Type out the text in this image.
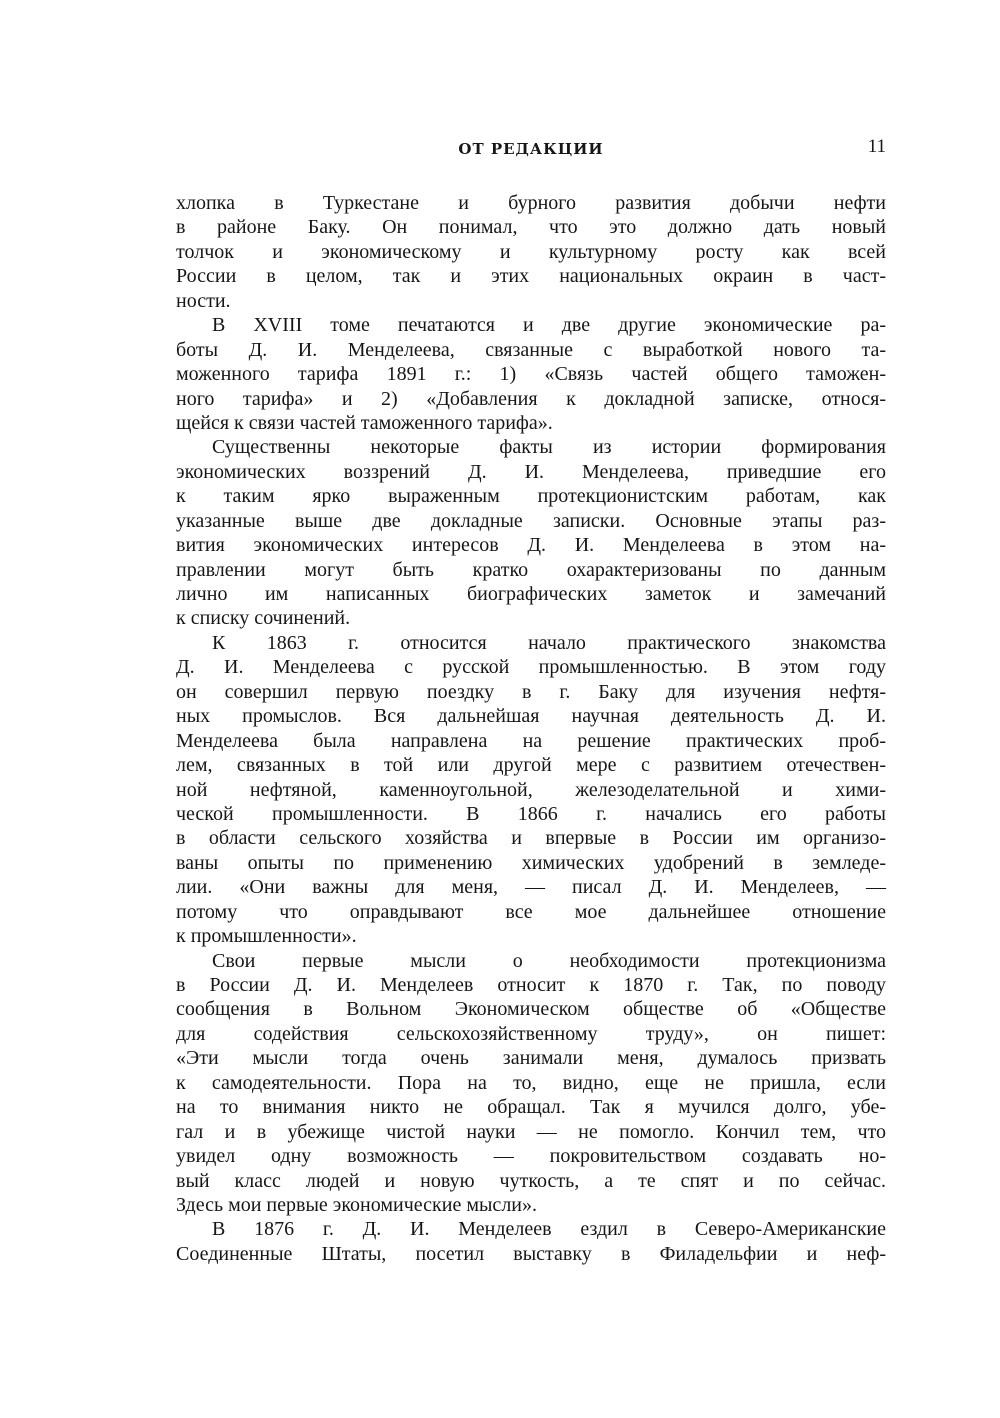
ОТ РЕДАКЦИИ	11
хлопка в Туркестане и бурного развития добычи нефти
в районе Баку. Он понимал, что это должно дать новый
толчок и экономическому и культурному росту как всей
России в целом, так и этих национальных окраин в част-
ности.
В XVIII томе печатаются и две другие экономические ра-
боты Д. И. Менделеева, связанные с выработкой нового та-
моженного тарифа 1891 г.: 1) «Связь частей общего таможен-
ного тарифа» и 2) «Добавления к докладной записке, относя-
щейся к связи частей таможенного тарифа».
Существенны некоторые факты из истории формирования
экономических воззрений Д. И. Менделеева, приведшие его
к таким ярко выраженным протекционистским работам, как
указанные выше две докладные записки. Основные этапы раз-
вития экономических интересов Д. И. Менделеева в этом на-
правлении могут быть кратко охарактеризованы по данным
лично им написанных биографических заметок и замечаний
к списку сочинений.
К 1863 г. относится начало практического знакомства
Д. И. Менделеева с русской промышленностью. В этом году
он совершил первую поездку в г. Баку для изучения нефтя-
ных промыслов. Вся дальнейшая научная деятельность Д. И.
Менделеева была направлена на решение практических проб-
лем, связанных в той или другой мере с развитием отечествен-
ной нефтяной, каменноугольной, железоделательной и хими-
ческой промышленности. В 1866 г. начались его работы
в области сельского хозяйства и впервые в России им организо-
ваны опыты по применению химических удобрений в земледе-
лии. «Они важны для меня, — писал Д. И. Менделеев, —
потому что оправдывают все мое дальнейшее отношение
к промышленности».
Свои первые мысли о необходимости протекционизма
в России Д. И. Менделеев относит к 1870 г. Так, по поводу
сообщения в Вольном Экономическом обществе об «Обществе
для содействия сельскохозяйственному труду», он пишет:
«Эти мысли тогда очень занимали меня, думалось призвать
к самодеятельности. Пора на то, видно, еще не пришла, если
на то внимания никто не обращал. Так я мучился долго, убе-
гал и в убежище чистой науки — не помогло. Кончил тем, что
увидел одну возможность — покровительством создавать но-
вый класс людей и новую чуткость, а те спят и по сейчас.
Здесь мои первые экономические мысли».
В 1876 г. Д. И. Менделеев ездил в Северо-Американские
Соединенные Штаты, посетил выставку в Филадельфии и неф-
